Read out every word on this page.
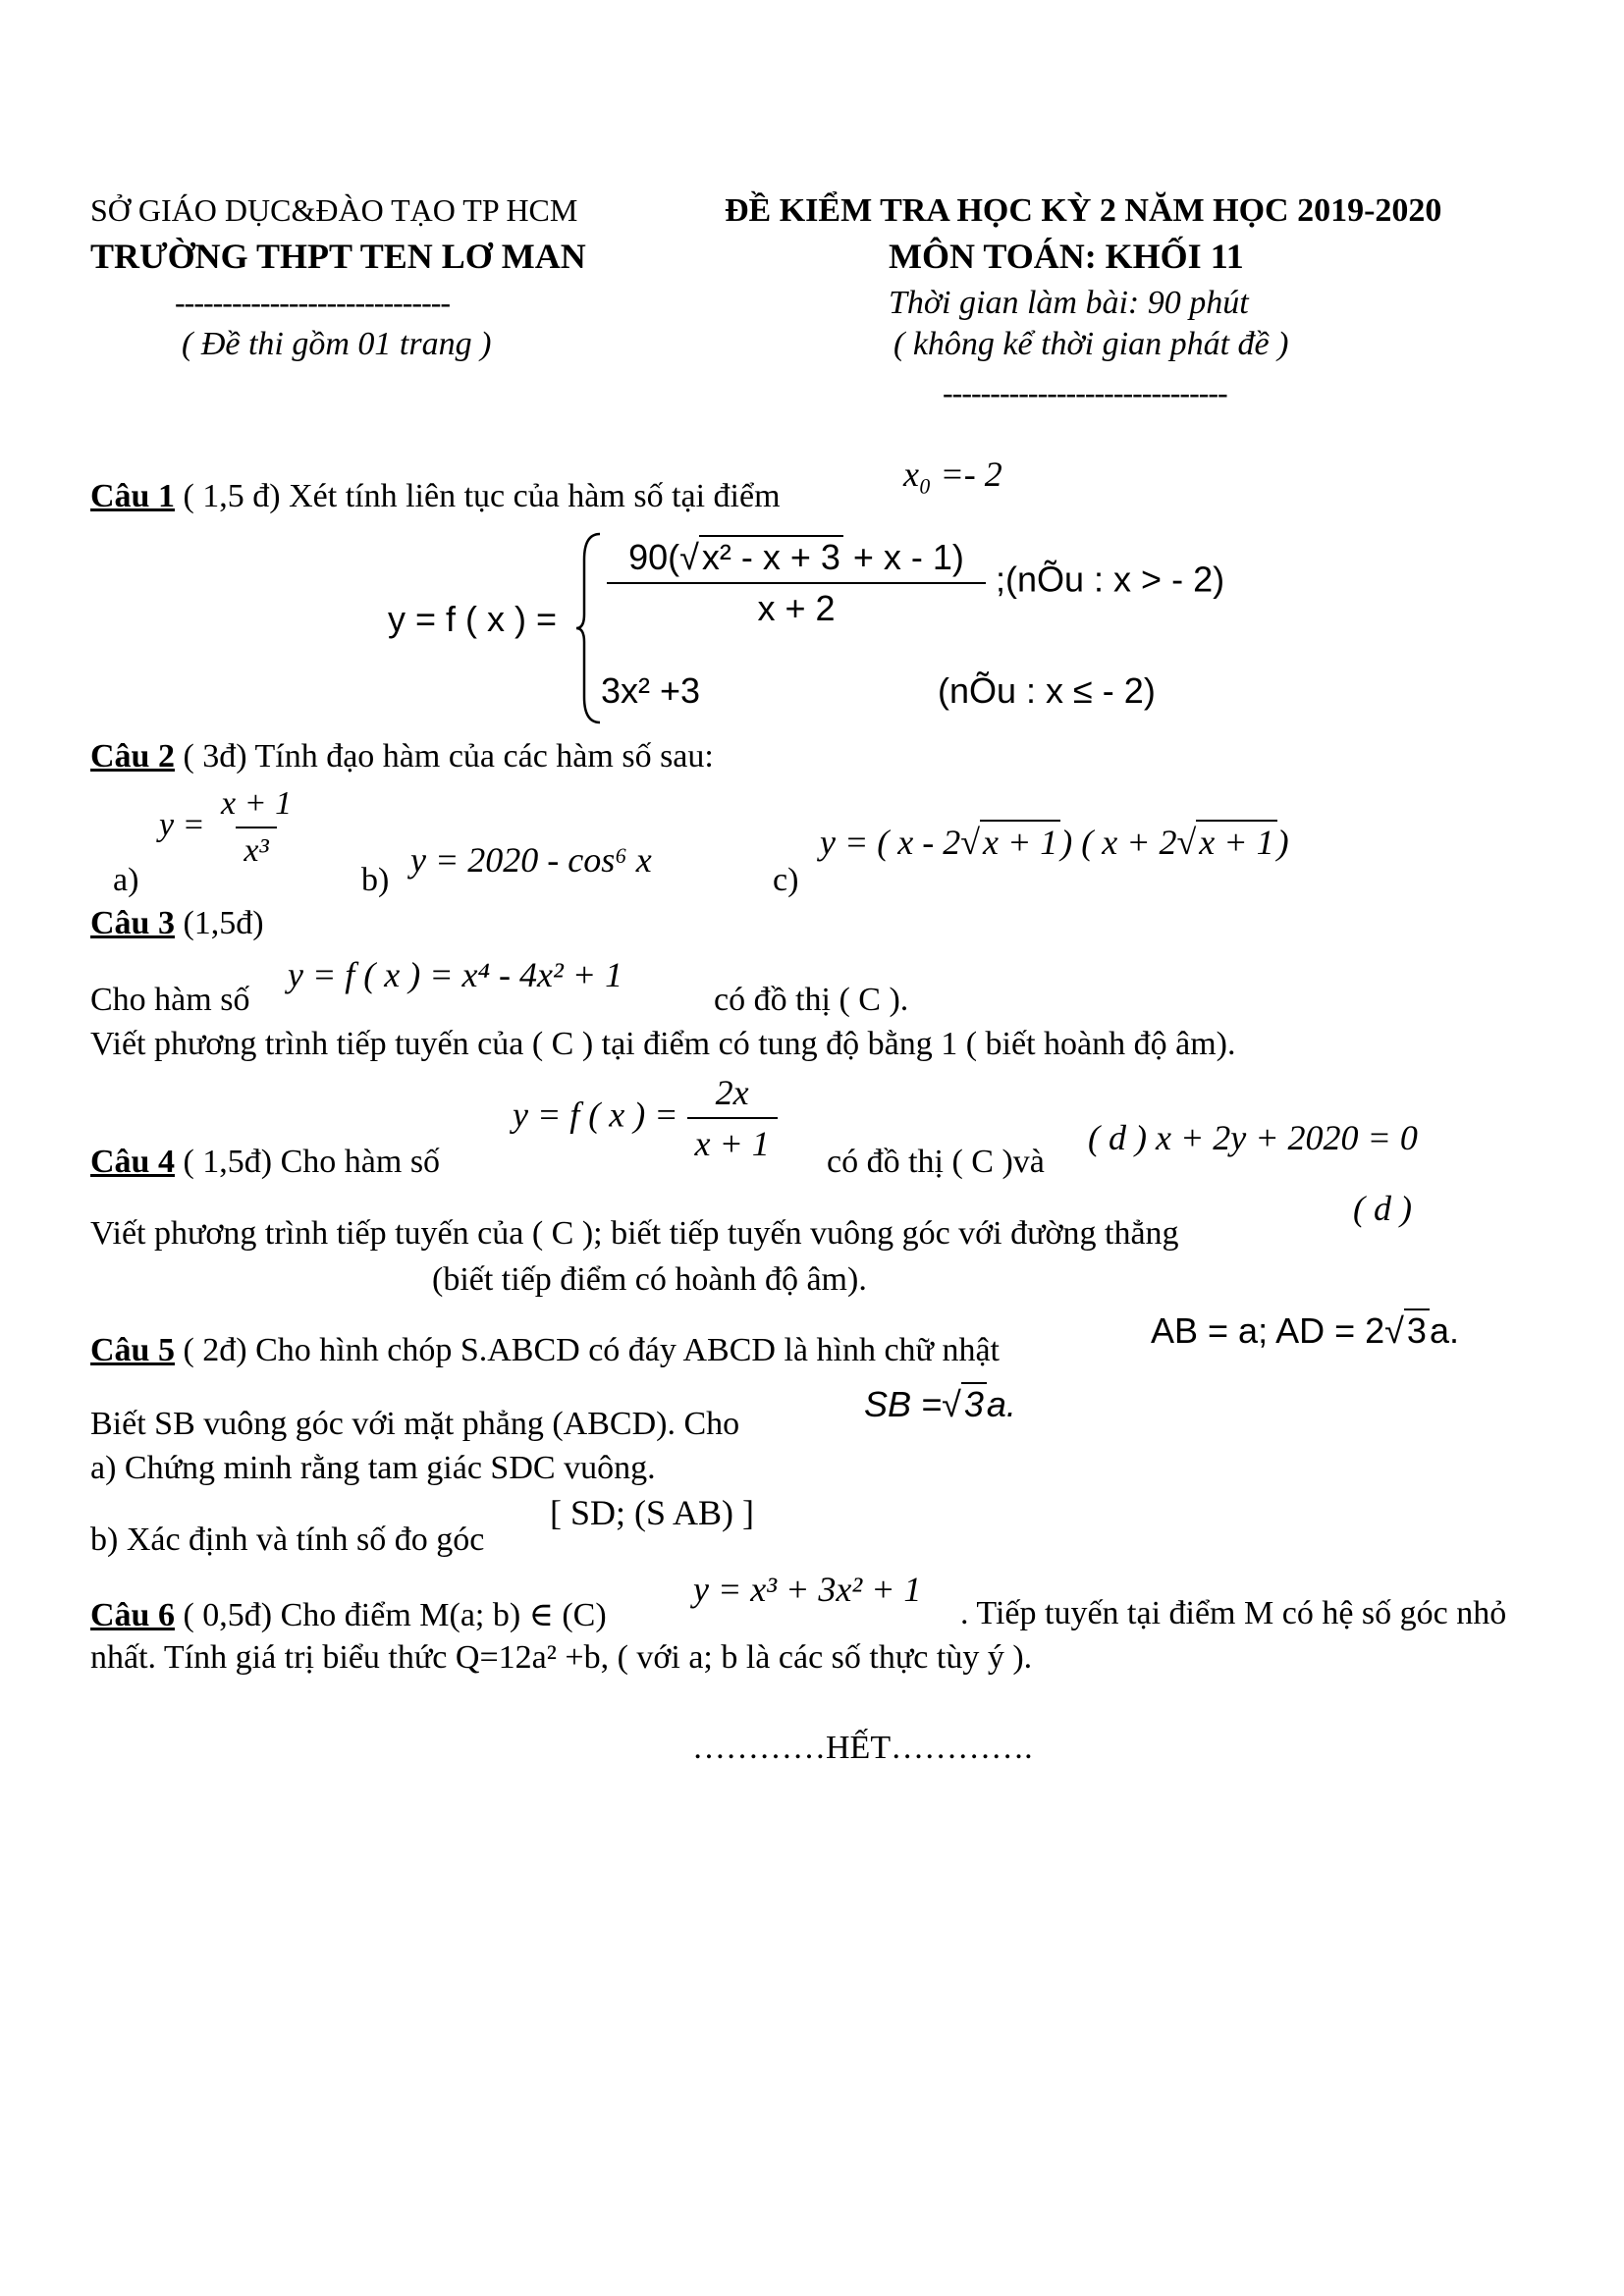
SỞ GIÁO DỤC&ĐÀO TẠO TP HCM
TRƯỜNG THPT TEN LƠ MAN
-----------------------------
( Đề thi gồm 01 trang )
ĐỀ KIỂM TRA HỌC KỲ 2 NĂM HỌC 2019-2020
MÔN TOÁN: KHỐI 11
Thời gian làm bài: 90 phút
( không kể thời gian phát đề )
------------------------------
Câu 1 ( 1,5 đ) Xét tính liên tục của hàm số tại điểm
x₀ =- 2
y = f ( x ) = $\frac{\text{90(√x² - x + 3 + x - 1)}}{x + 2}$ ;(nÕu : x > - 2)
3x² +3	(nÕu : x ≤ - 2)
Câu 2 ( 3đ) Tính đạo hàm của các hàm số sau:
a)
$y = \frac{x + 1}{\text{x³}}$
b)
y = 2020 - cos⁶ x
c)
y = ( x - 2√x + 1) ( x + 2√x + 1)
Câu 3 (1,5đ)
Cho hàm số
y = f ( x ) = x⁴ - 4x² + 1
có đồ thị ( C ).
Viết phương trình tiếp tuyến của ( C ) tại điểm có tung độ bằng 1 ( biết hoành độ âm).
Câu 4 ( 1,5đ) Cho hàm số
y = f ( x ) = $\frac{2x}{x + 1}$ có đồ thị ( C )và
( d ) x + 2y + 2020 = 0
Viết phương trình tiếp tuyến của ( C ); biết tiếp tuyến vuông góc với đường thẳng
( d )
(biết tiếp điểm có hoành độ âm).
Câu 5 ( 2đ) Cho hình chóp S.ABCD có đáy ABCD là hình chữ nhật	AB = a; AD = 2√3a.
Biết SB vuông góc với mặt phẳng (ABCD). Cho	SB =√3a.
a) Chứng minh rằng tam giác SDC vuông.
b) Xác định và tính số đo góc
[ SD; (S AB) ]
Câu 6 ( 0,5đ) Cho điểm M(a; b) ∈ (C)
y = x³ + 3x² + 1
. Tiếp tuyến tại điểm M có hệ số góc nhỏ
nhất. Tính giá trị biểu thức Q=12a² +b, ( với a; b là các số thực tùy ý ).
…………HẾT………….
